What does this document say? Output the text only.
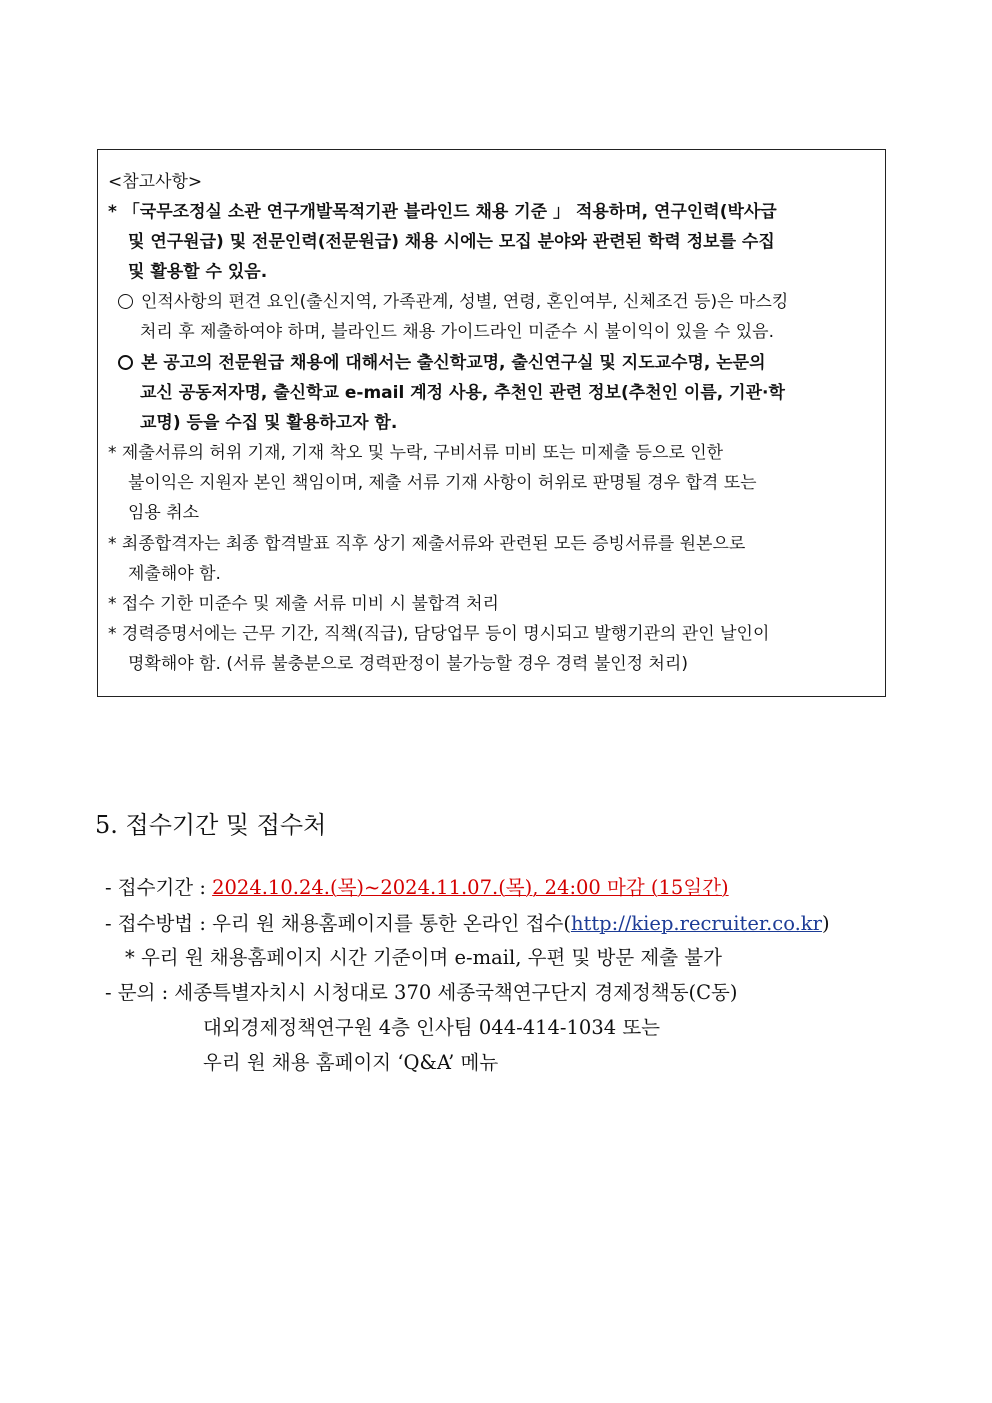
<참고사항>
* 「국무조정실 소관 연구개발목적기관 블라인드 채용 기준 」 적용하며, 연구인력(박사급
및 연구원급) 및 전문인력(전문원급) 채용 시에는 모집 분야와 관련된 학력 정보를 수집
및 활용할 수 있음.
인적사항의 편견 요인(출신지역, 가족관계, 성별, 연령, 혼인여부, 신체조건 등)은 마스킹
처리 후 제출하여야 하며, 블라인드 채용 가이드라인 미준수 시 불이익이 있을 수 있음.
본 공고의 전문원급 채용에 대해서는 출신학교명, 출신연구실 및 지도교수명, 논문의
교신 공동저자명, 출신학교 e-mail 계정 사용, 추천인 관련 정보(추천인 이름, 기관·학
교명) 등을 수집 및 활용하고자 함.
* 제출서류의 허위 기재, 기재 착오 및 누락, 구비서류 미비 또는 미제출 등으로 인한
불이익은 지원자 본인 책임이며, 제출 서류 기재 사항이 허위로 판명될 경우 합격 또는
임용 취소
* 최종합격자는 최종 합격발표 직후 상기 제출서류와 관련된 모든 증빙서류를 원본으로
제출해야 함.
* 접수 기한 미준수 및 제출 서류 미비 시 불합격 처리
* 경력증명서에는 근무 기간, 직책(직급), 담당업무 등이 명시되고 발행기관의 관인 날인이
명확해야 함. (서류 불충분으로 경력판정이 불가능할 경우 경력 불인정 처리)
5. 접수기간 및 접수처
- 접수기간 : 2024.10.24.(목)~2024.11.07.(목), 24:00 마감 (15일간)
- 접수방법 : 우리 원 채용홈페이지를 통한 온라인 접수(http://kiep.recruiter.co.kr)
* 우리 원 채용홈페이지 시간 기준이며 e-mail, 우편 및 방문 제출 불가
- 문의 : 세종특별자치시 시청대로 370 세종국책연구단지 경제정책동(C동)
대외경제정책연구원 4층 인사팀 044-414-1034 또는
우리 원 채용 홈페이지 ‘Q&A’ 메뉴
